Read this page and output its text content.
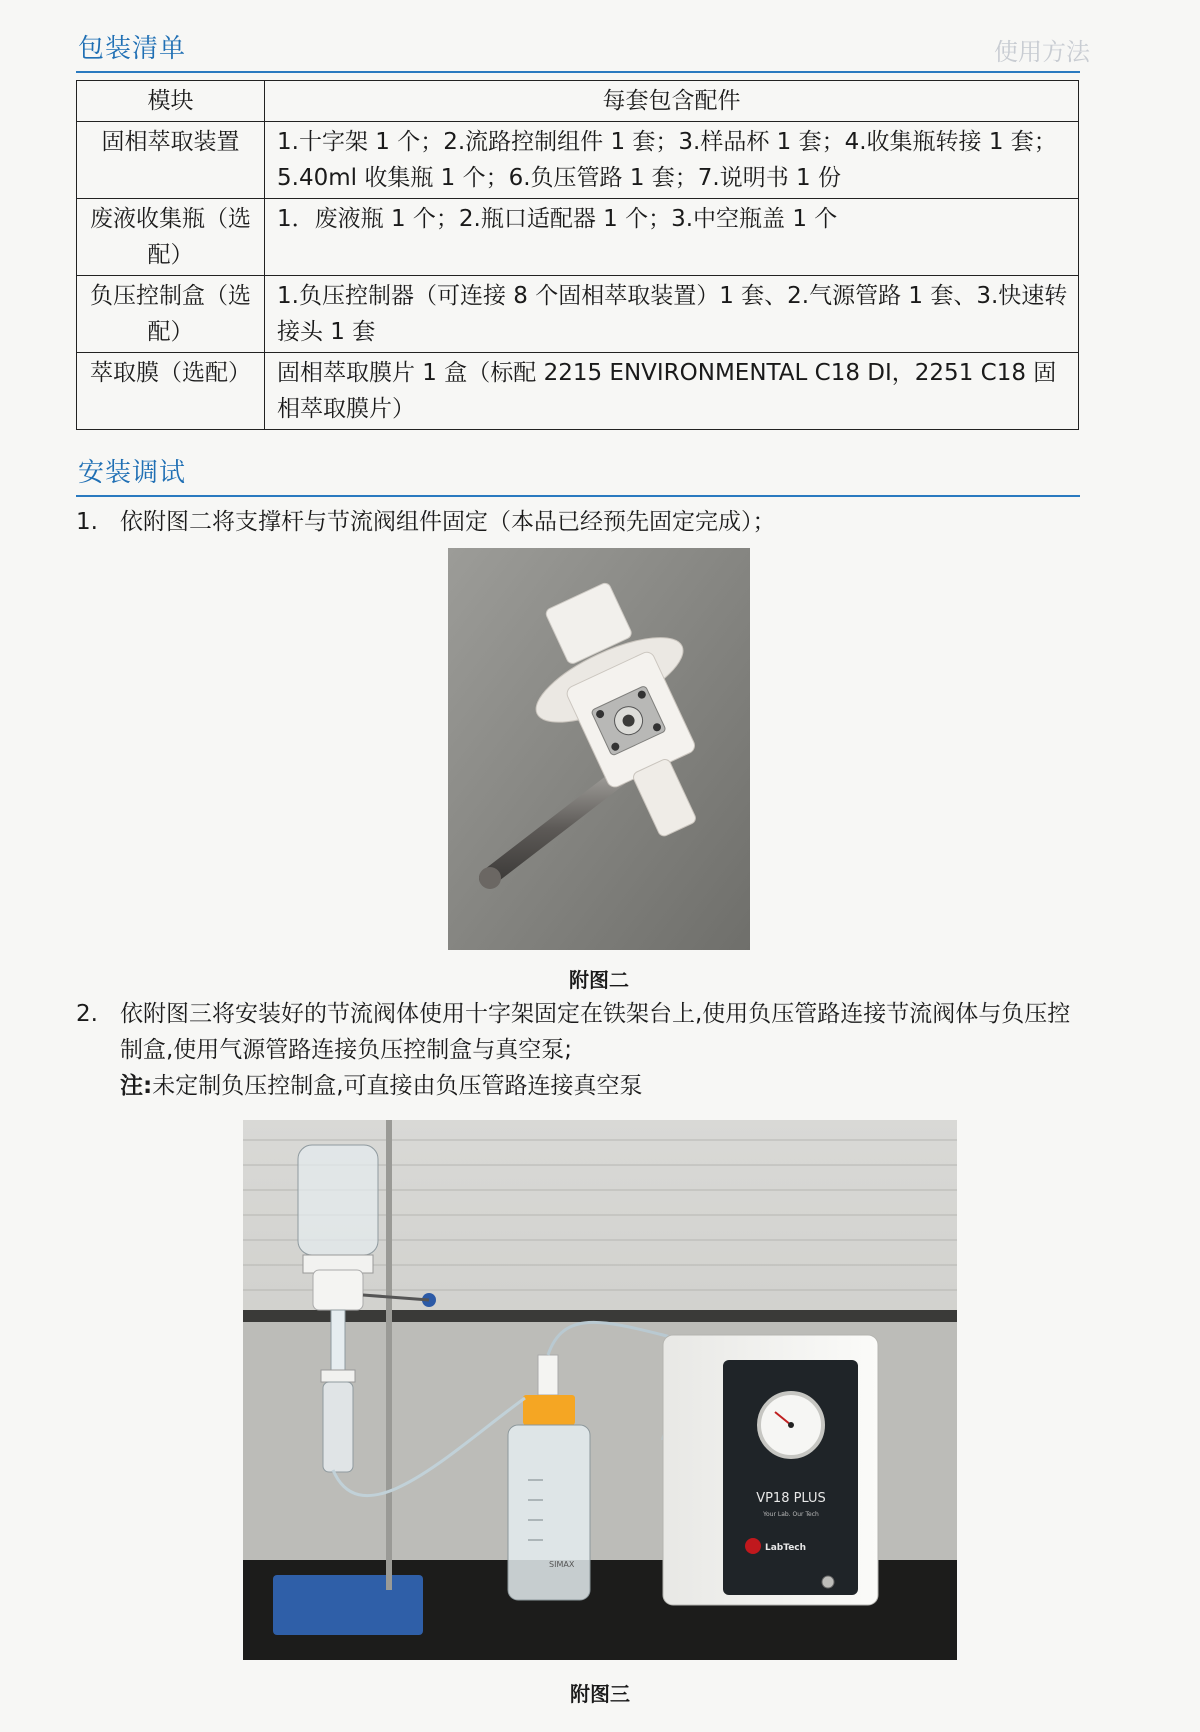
使用方法
包装清单
模块	每套包含配件
固相萃取装置	1.十字架 1 个；2.流路控制组件 1 套；3.样品杯 1 套；4.收集瓶转接 1 套；5.40ml 收集瓶 1 个；6.负压管路 1 套；7.说明书 1 份
废液收集瓶（选配）	1．废液瓶 1 个；2.瓶口适配器 1 个；3.中空瓶盖 1 个
负压控制盒（选配）	1.负压控制器（可连接 8 个固相萃取装置）1 套、2.气源管路 1 套、3.快速转接头 1 套
萃取膜（选配）	固相萃取膜片 1 盒（标配 2215 ENVIRONMENTAL C18 DI，2251 C18 固相萃取膜片）
安装调试
1. 依附图二将支撑杆与节流阀组件固定（本品已经预先固定完成）；
附图二
2. 依附图三将安装好的节流阀体使用十字架固定在铁架台上,使用负压管路连接节流阀体与负压控制盒,使用气源管路连接负压控制盒与真空泵;
注:未定制负压控制盒,可直接由负压管路连接真空泵
SIMAX
VP18 PLUS
Your Lab. Our Tech
LabTech
附图三
